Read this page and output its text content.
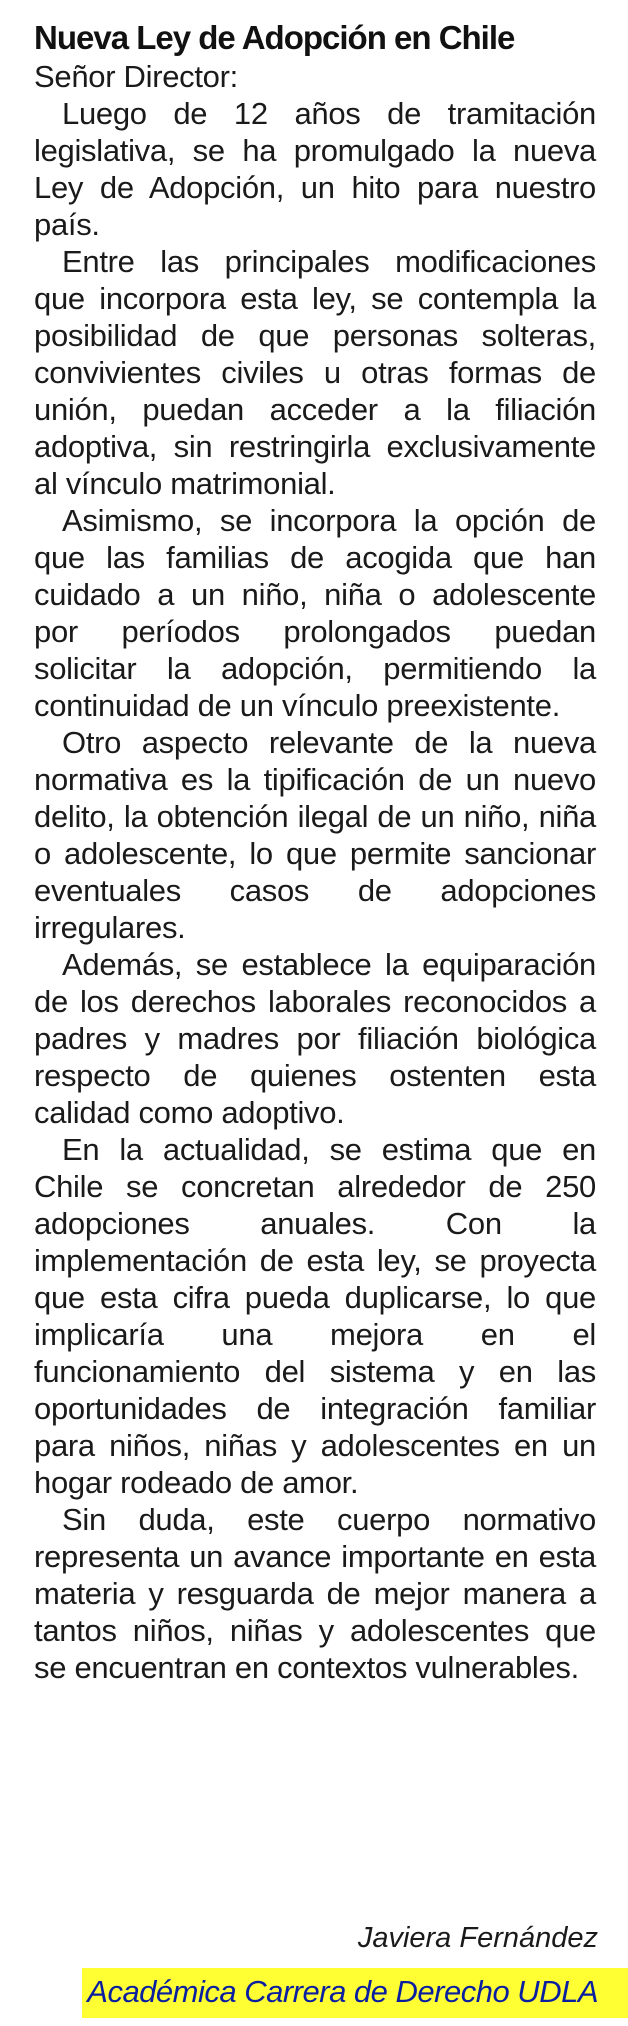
Nueva Ley de Adopción en Chile

Señor Director:

Luego de 12 años de tramitación legislativa, se ha promulgado la nueva Ley de Adopción, un hito para nuestro país.

Entre las principales modificaciones que incorpora esta ley, se contempla la posibilidad de que personas solteras, convivientes civiles u otras formas de unión, puedan acceder a la filiación adoptiva, sin restringirla exclusivamente al vínculo matrimonial.

Asimismo, se incorpora la opción de que las familias de acogida que han cuidado a un niño, niña o adolescente por períodos prolongados puedan solicitar la adopción, permitiendo la continuidad de un vínculo preexistente.

Otro aspecto relevante de la nueva normativa es la tipificación de un nuevo delito, la obtención ilegal de un niño, niña o adolescente, lo que permite sancionar eventuales casos de adopciones irregulares.

Además, se establece la equiparación de los derechos laborales reconocidos a padres y madres por filiación biológica respecto de quienes ostenten esta calidad como adoptivo.

En la actualidad, se estima que en Chile se concretan alrededor de 250 adopciones anuales. Con la implementación de esta ley, se proyecta que esta cifra pueda duplicarse, lo que implicaría una mejora en el funcionamiento del sistema y en las oportunidades de integración familiar para niños, niñas y adolescentes en un hogar rodeado de amor.

Sin duda, este cuerpo normativo representa un avance importante en esta materia y resguarda de mejor manera a tantos niños, niñas y adolescentes que se encuentran en contextos vulnerables.

Javiera Fernández

Académica Carrera de Derecho UDLA
